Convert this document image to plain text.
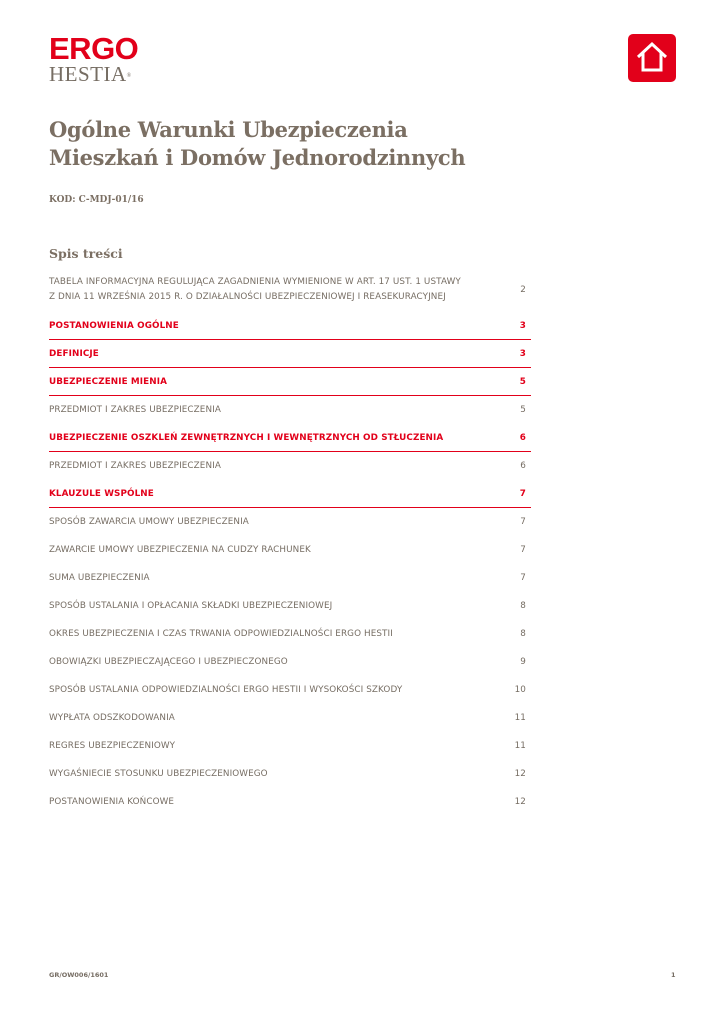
ERGO
HESTIA®
Ogólne Warunki Ubezpieczenia
Mieszkań i Domów Jednorodzinnych
KOD: C-MDJ-01/16
Spis treści
TABELA INFORMACYJNA REGULUJĄCA ZAGADNIENIA WYMIENIONE W ART. 17 UST. 1 USTAWY
Z DNIA 11 WRZEŚNIA 2015 R. O DZIAŁALNOŚCI UBEZPIECZENIOWEJ I REASEKURACYJNEJ
2
POSTANOWIENIA OGÓLNE	3
DEFINICJE	3
UBEZPIECZENIE MIENIA	5
PRZEDMIOT I ZAKRES UBEZPIECZENIA	5
UBEZPIECZENIE OSZKLEŃ ZEWNĘTRZNYCH I WEWNĘTRZNYCH OD STŁUCZENIA	6
PRZEDMIOT I ZAKRES UBEZPIECZENIA	6
KLAUZULE WSPÓLNE	7
SPOSÓB ZAWARCIA UMOWY UBEZPIECZENIA	7
ZAWARCIE UMOWY UBEZPIECZENIA NA CUDZY RACHUNEK	7
SUMA UBEZPIECZENIA	7
SPOSÓB USTALANIA I OPŁACANIA SKŁADKI UBEZPIECZENIOWEJ	8
OKRES UBEZPIECZENIA I CZAS TRWANIA ODPOWIEDZIALNOŚCI ERGO HESTII	8
OBOWIĄZKI UBEZPIECZAJĄCEGO I UBEZPIECZONEGO	9
SPOSÓB USTALANIA ODPOWIEDZIALNOŚCI ERGO HESTII I WYSOKOŚCI SZKODY	10
WYPŁATA ODSZKODOWANIA	11
REGRES UBEZPIECZENIOWY	11
WYGAŚNIECIE STOSUNKU UBEZPIECZENIOWEGO	12
POSTANOWIENIA KOŃCOWE	12
GR/OW006/1601	1
